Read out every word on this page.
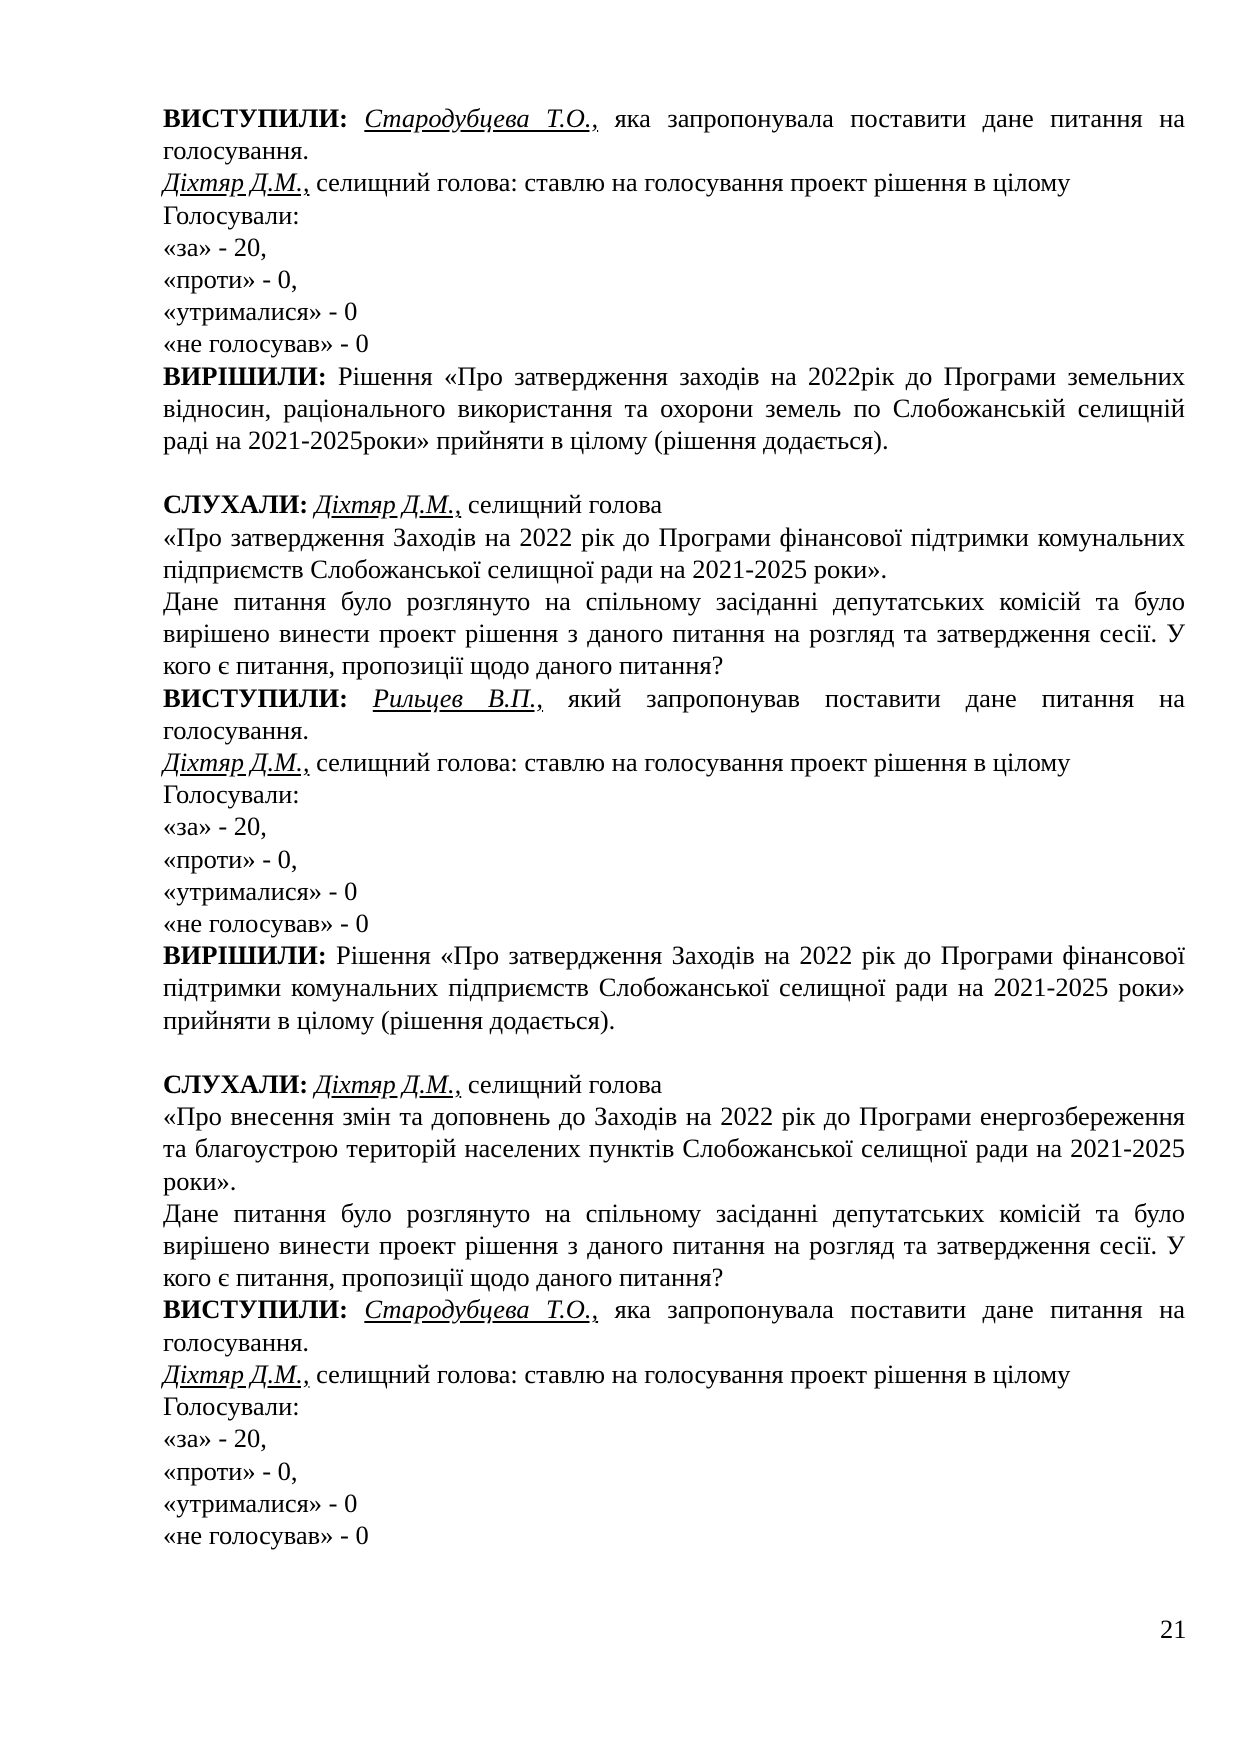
ВИСТУПИЛИ: Стародубцева Т.О., яка запропонувала поставити дане питання на голосування.

Діхтяр Д.М., селищний голова: ставлю на голосування проект рішення в цілому

Голосували:

«за» - 20,

«проти» - 0,

«утрималися» - 0

«не голосував» - 0

ВИРІШИЛИ: Рішення «Про затвердження заходів на 2022рік до Програми земельних відносин, раціонального використання та охорони земель по Слобожанській селищній раді на 2021-2025роки» прийняти в цілому (рішення додається).

СЛУХАЛИ: Діхтяр Д.М., селищний голова

«Про затвердження Заходів на 2022 рік до Програми фінансової підтримки комунальних підприємств Слобожанської селищної ради на 2021-2025 роки».

Дане питання було розглянуто на спільному засіданні депутатських комісій та було вирішено винести проект рішення з даного питання на розгляд та затвердження сесії. У кого є питання, пропозиції щодо даного питання?

ВИСТУПИЛИ: Рильцев В.П., який запропонував поставити дане питання на голосування.

Діхтяр Д.М., селищний голова: ставлю на голосування проект рішення в цілому

Голосували:

«за» - 20,

«проти» - 0,

«утрималися» - 0

«не голосував» - 0

ВИРІШИЛИ: Рішення «Про затвердження Заходів на 2022 рік до Програми фінансової підтримки комунальних підприємств Слобожанської селищної ради на 2021-2025 роки» прийняти в цілому (рішення додається).

СЛУХАЛИ: Діхтяр Д.М., селищний голова

«Про внесення змін та доповнень до Заходів на 2022 рік до Програми енергозбереження та благоустрою територій населених пунктів Слобожанської селищної ради на 2021-2025 роки».

Дане питання було розглянуто на спільному засіданні депутатських комісій та було вирішено винести проект рішення з даного питання на розгляд та затвердження сесії. У кого є питання, пропозиції щодо даного питання?

ВИСТУПИЛИ: Стародубцева Т.О., яка запропонувала поставити дане питання на голосування.

Діхтяр Д.М., селищний голова: ставлю на голосування проект рішення в цілому

Голосували:

«за» - 20,

«проти» - 0,

«утрималися» - 0

«не голосував» - 0

21
